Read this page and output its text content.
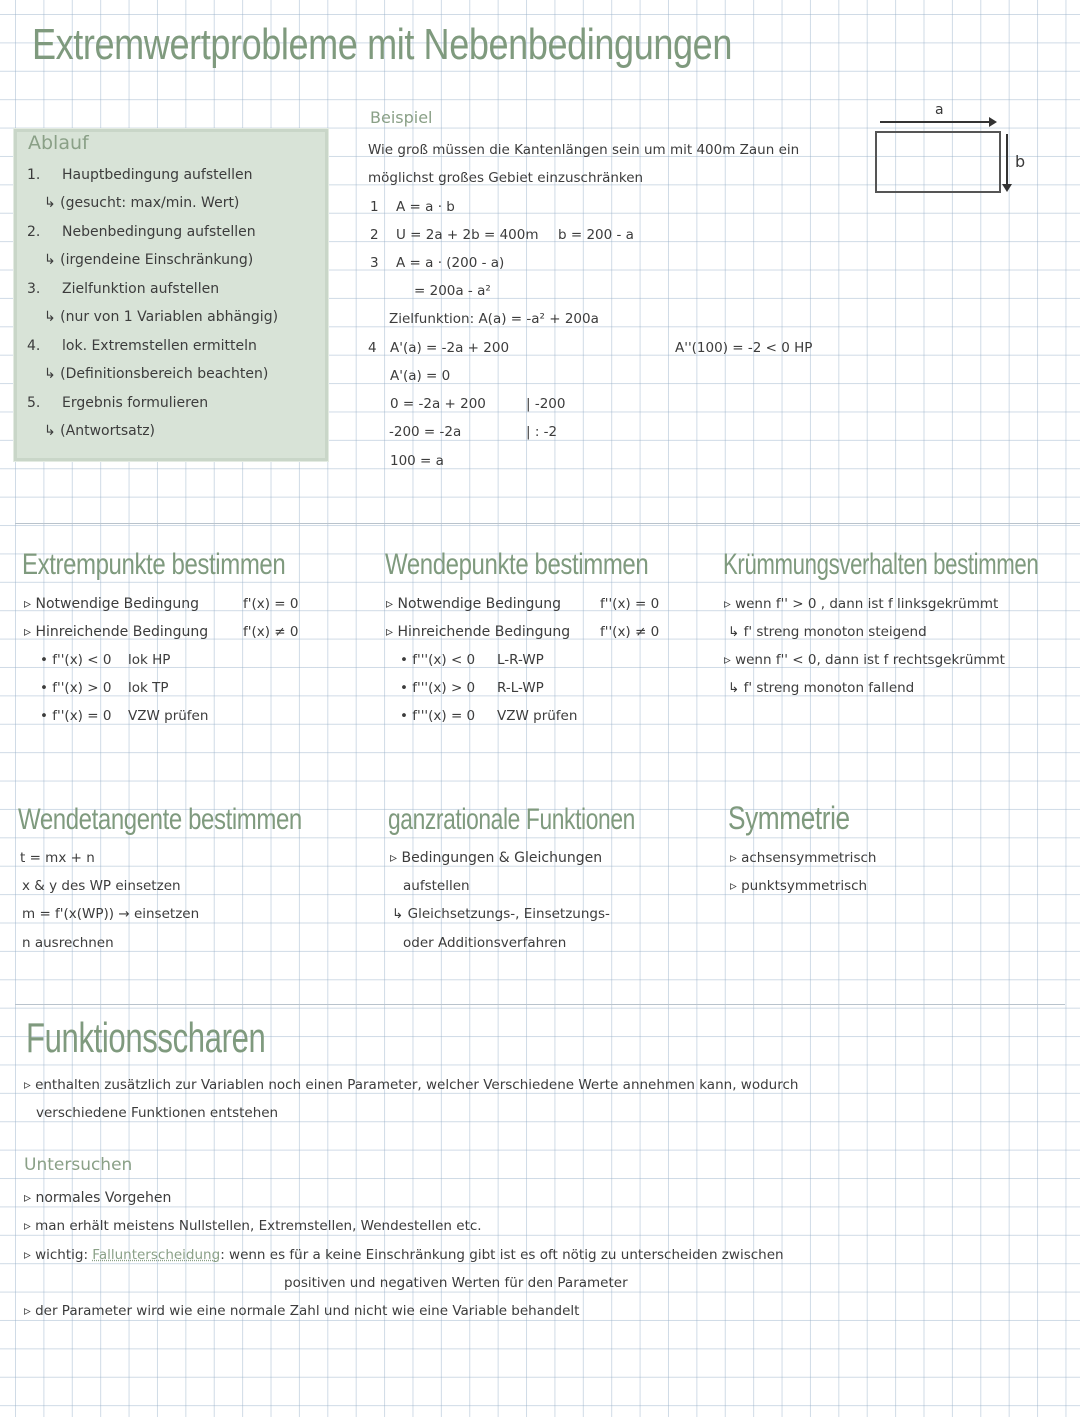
Extremwertprobleme mit Nebenbedingungen
Ablauf
1. Hauptbedingung aufstellen
↳ (gesucht: max/min. Wert)
2. Nebenbedingung aufstellen
↳ (irgendeine Einschränkung)
3. Zielfunktion aufstellen
↳ (nur von 1 Variablen abhängig)
4. lok. Extremstellen ermitteln
↳ (Definitionsbereich beachten)
5. Ergebnis formulieren
↳ (Antwortsatz)
Beispiel
Wie groß müssen die Kantenlängen sein um mit 400m Zaun ein
möglichst großes Gebiet einzuschränken
a
b
1 A = a · b
2 U = 2a + 2b = 400m b = 200 - a
3 A = a · (200 - a)
= 200a - a²
Zielfunktion: A(a) = -a² + 200a
4 A'(a) = -2a + 200	A''(100) = -2 < 0 HP
A'(a) = 0
0 = -2a + 200	| -200
-200 = -2a	| : -2
100 = a
Extrempunkte bestimmen
▹ Notwendige Bedingung	f'(x) = 0
▹ Hinreichende Bedingung	f'(x) ≠ 0
• f''(x) < 0 lok HP
• f''(x) > 0 lok TP
• f''(x) = 0 VZW prüfen
Wendepunkte bestimmen
▹ Notwendige Bedingung	f''(x) = 0
▹ Hinreichende Bedingung f''(x) ≠ 0
• f'''(x) < 0 L-R-WP
• f'''(x) > 0 R-L-WP
• f'''(x) = 0 VZW prüfen
Krümmungsverhalten bestimmen
▹ wenn f'' > 0 , dann ist f linksgekrümmt
↳ f' streng monoton steigend
▹ wenn f'' < 0, dann ist f rechtsgekrümmt
↳ f' streng monoton fallend
Wendetangente bestimmen
t = mx + n
x & y des WP einsetzen
m = f'(x(WP)) → einsetzen
n ausrechnen
ganzrationale Funktionen
▹ Bedingungen & Gleichungen
aufstellen
↳ Gleichsetzungs-, Einsetzungs-
oder Additionsverfahren
Symmetrie
▹ achsensymmetrisch
▹ punktsymmetrisch
Funktionsscharen
▹ enthalten zusätzlich zur Variablen noch einen Parameter, welcher Verschiedene Werte annehmen kann, wodurch
verschiedene Funktionen entstehen
Untersuchen
▹ normales Vorgehen
▹ man erhält meistens Nullstellen, Extremstellen, Wendestellen etc.
▹ wichtig: Fallunterscheidung: wenn es für a keine Einschränkung gibt ist es oft nötig zu unterscheiden zwischen
positiven und negativen Werten für den Parameter
▹ der Parameter wird wie eine normale Zahl und nicht wie eine Variable behandelt
